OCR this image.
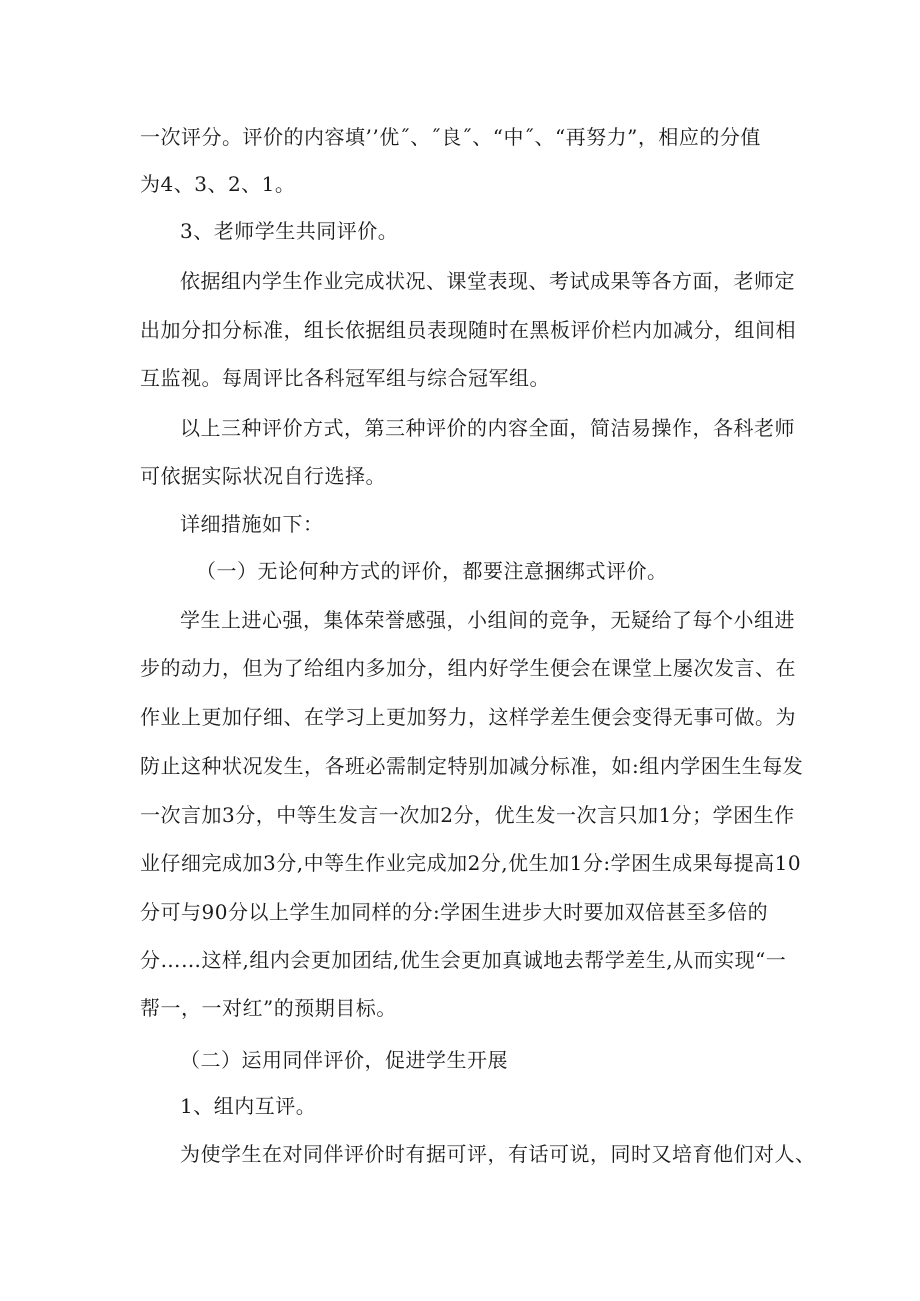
一次评分。评价的内容填’’优˝、˝良˝、“中˝、“再努力”，相应的分值
为4、3、2、1。
3、老师学生共同评价。
依据组内学生作业完成状况、课堂表现、考试成果等各方面，老师定
出加分扣分标准，组长依据组员表现随时在黑板评价栏内加减分，组间相
互监视。每周评比各科冠军组与综合冠军组。
以上三种评价方式，第三种评价的内容全面，简洁易操作，各科老师
可依据实际状况自行选择。
详细措施如下：
（一）无论何种方式的评价，都要注意捆绑式评价。
学生上进心强，集体荣誉感强，小组间的竞争，无疑给了每个小组进
步的动力，但为了给组内多加分，组内好学生便会在课堂上屡次发言、在
作业上更加仔细、在学习上更加努力，这样学差生便会变得无事可做。为
防止这种状况发生，各班必需制定特别加减分标准，如:组内学困生生每发
一次言加3分，中等生发言一次加2分，优生发一次言只加1分；学困生作
业仔细完成加3分,中等生作业完成加2分,优生加1分:学困生成果每提高10
分可与90分以上学生加同样的分:学困生进步大时要加双倍甚至多倍的
分……这样,组内会更加团结,优生会更加真诚地去帮学差生,从而实现“一
帮一，一对红”的预期目标。
（二）运用同伴评价，促进学生开展
1、组内互评。
为使学生在对同伴评价时有据可评，有话可说，同时又培育他们对人、
